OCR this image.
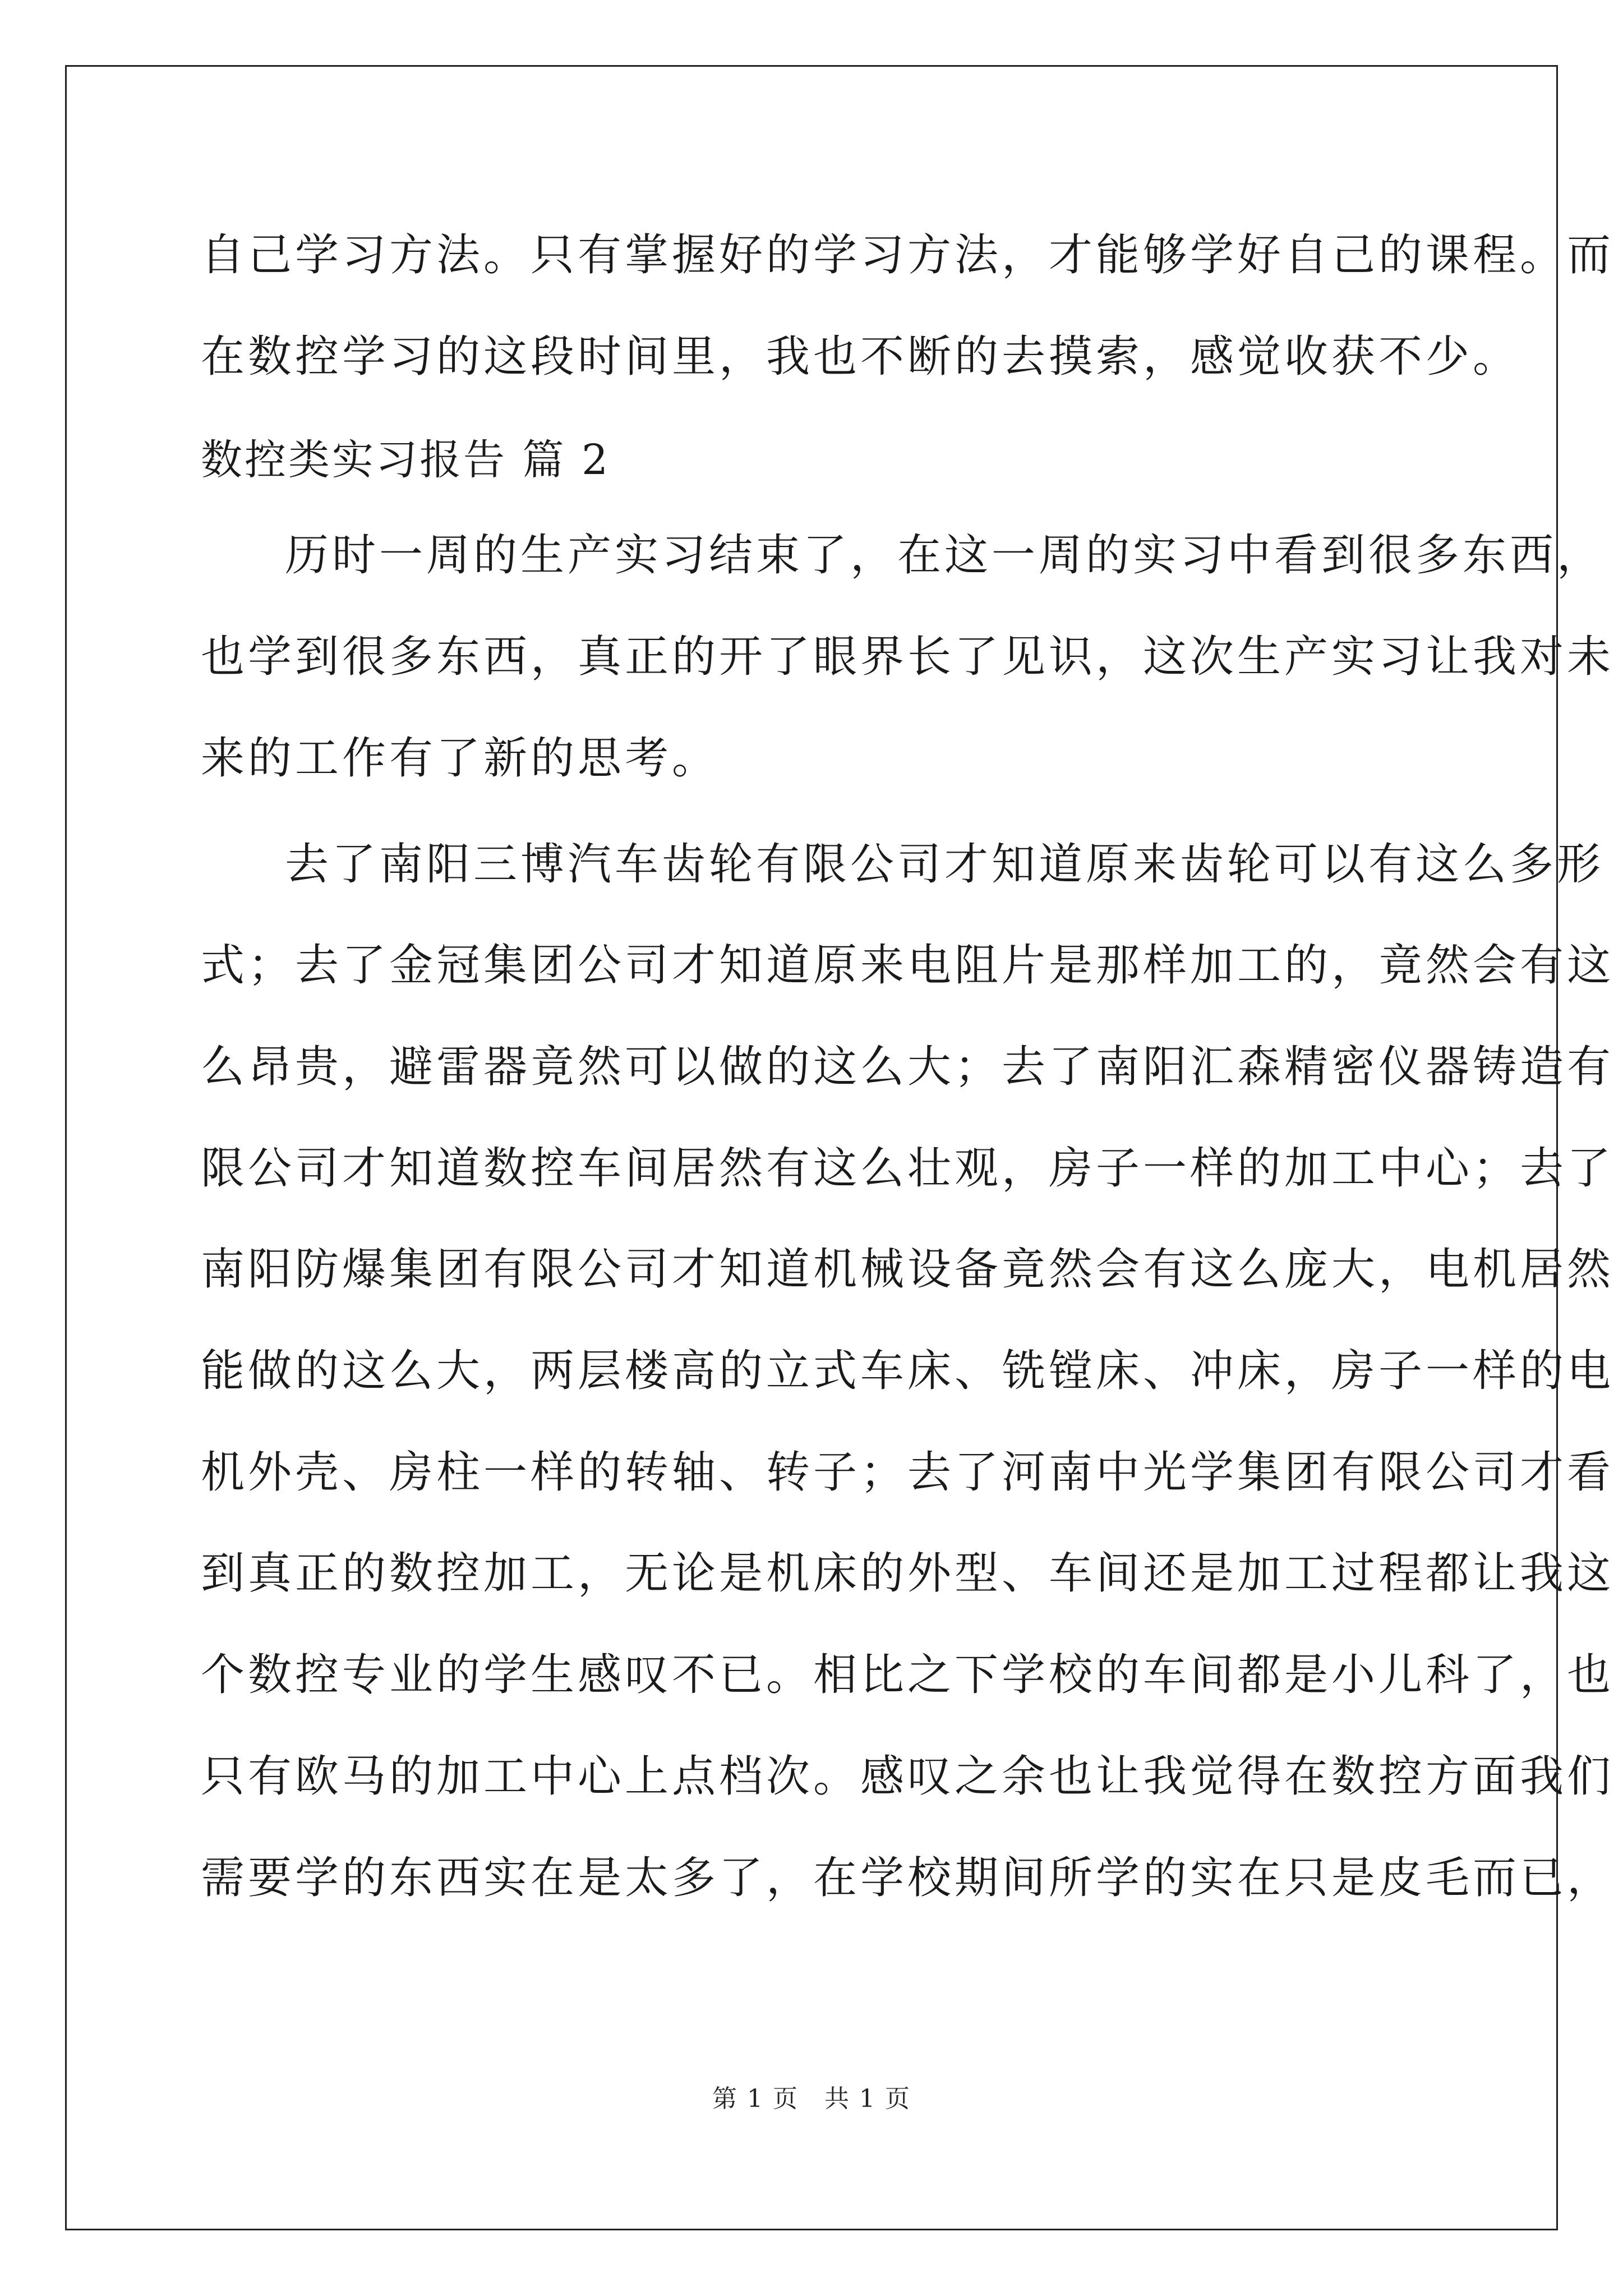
自己学习方法。只有掌握好的学习方法，才能够学好自己的课程。而
在数控学习的这段时间里，我也不断的去摸索，感觉收获不少。
历时一周的生产实习结束了，在这一周的实习中看到很多东西，
也学到很多东西，真正的开了眼界长了见识，这次生产实习让我对未
来的工作有了新的思考。
去了南阳三博汽车齿轮有限公司才知道原来齿轮可以有这么多形
式；去了金冠集团公司才知道原来电阻片是那样加工的，竟然会有这
么昂贵，避雷器竟然可以做的这么大；去了南阳汇森精密仪器铸造有
限公司才知道数控车间居然有这么壮观，房子一样的加工中心；去了
南阳防爆集团有限公司才知道机械设备竟然会有这么庞大，电机居然
能做的这么大，两层楼高的立式车床、铣镗床、冲床，房子一样的电
机外壳、房柱一样的转轴、转子；去了河南中光学集团有限公司才看
到真正的数控加工，无论是机床的外型、车间还是加工过程都让我这
个数控专业的学生感叹不已。相比之下学校的车间都是小儿科了，也
只有欧马的加工中心上点档次。感叹之余也让我觉得在数控方面我们
需要学的东西实在是太多了，在学校期间所学的实在只是皮毛而已，
数控类实习报告 篇 2
第 1 页　共 1 页
